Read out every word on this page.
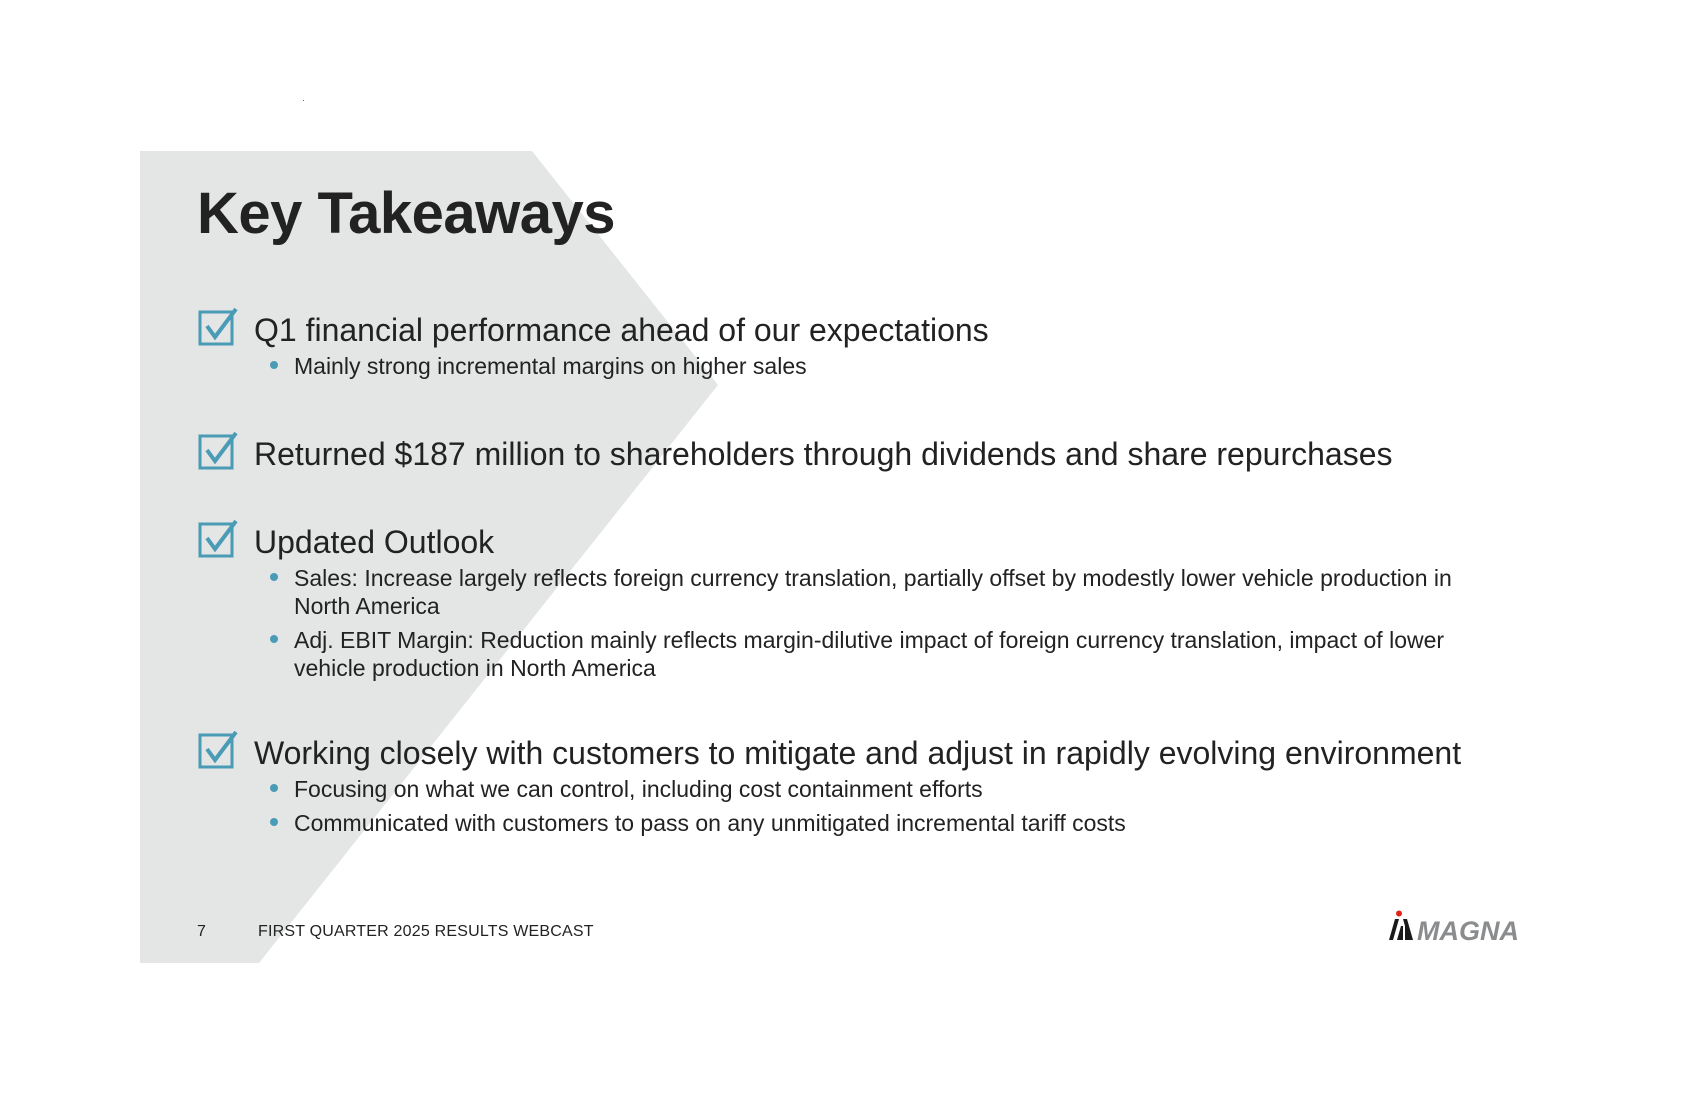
Key Takeaways
Q1 financial performance ahead of our expectations
Mainly strong incremental margins on higher sales
Returned $187 million to shareholders through dividends and share repurchases
Updated Outlook
Sales: Increase largely reflects foreign currency translation, partially offset by modestly lower vehicle production in North America
Adj. EBIT Margin: Reduction mainly reflects margin-dilutive impact of foreign currency translation, impact of lower vehicle production in North America
Working closely with customers to mitigate and adjust in rapidly evolving environment
Focusing on what we can control, including cost containment efforts
Communicated with customers to pass on any unmitigated incremental tariff costs
7	FIRST QUARTER 2025 RESULTS WEBCAST	MAGNA
